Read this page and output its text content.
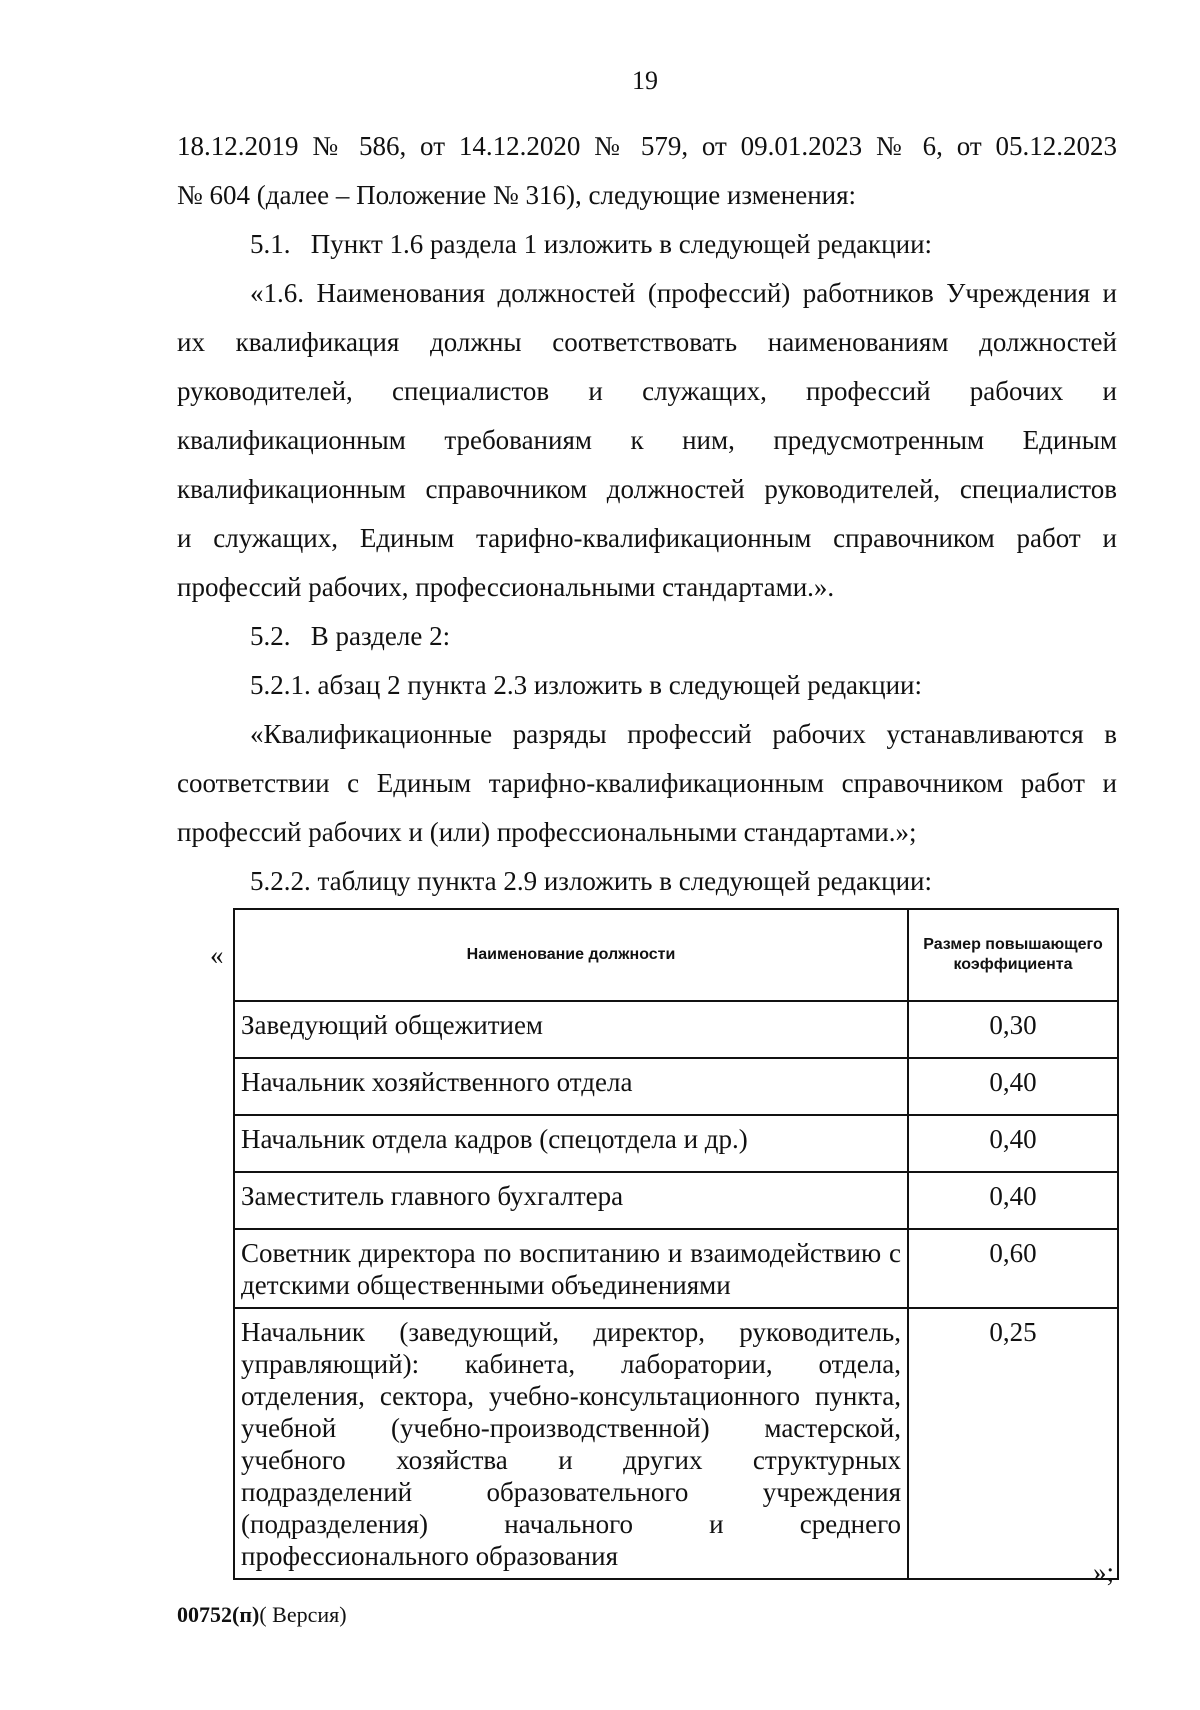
19
18.12.2019 № 586, от 14.12.2020 № 579, от 09.01.2023 № 6, от 05.12.2023
№ 604 (далее – Положение № 316), следующие изменения:
5.1.   Пункт 1.6 раздела 1 изложить в следующей редакции:
«1.6. Наименования должностей (профессий) работников Учреждения и
их квалификация должны соответствовать наименованиям должностей
руководителей, специалистов и служащих, профессий рабочих и
квалификационным требованиям к ним, предусмотренным Единым
квалификационным справочником должностей руководителей, специалистов
и служащих, Единым тарифно-квалификационным справочником работ и
профессий рабочих, профессиональными стандартами.».
5.2.   В разделе 2:
5.2.1. абзац 2 пункта 2.3 изложить в следующей редакции:
«Квалификационные разряды профессий рабочих устанавливаются в
соответствии с Единым тарифно-квалификационным справочником работ и
профессий рабочих и (или) профессиональными стандартами.»;
5.2.2. таблицу пункта 2.9 изложить в следующей редакции:
«	Наименование должности	Размер повышающего коэффициента
Заведующий общежитием	0,30
Начальник хозяйственного отдела	0,40
Начальник отдела кадров (спецотдела и др.)	0,40
Заместитель главного бухгалтера	0,40
Советник директора по воспитанию и взаимодействию с детскими общественными объединениями	0,60
Начальник (заведующий, директор, руководитель, управляющий): кабинета, лаборатории, отдела, отделения, сектора, учебно-консультационного пункта, учебной (учебно-производственной) мастерской, учебного хозяйства и других структурных подразделений образовательного учреждения (подразделения) начального и среднего профессионального образования	0,25
»;
00752(п)( Версия)
